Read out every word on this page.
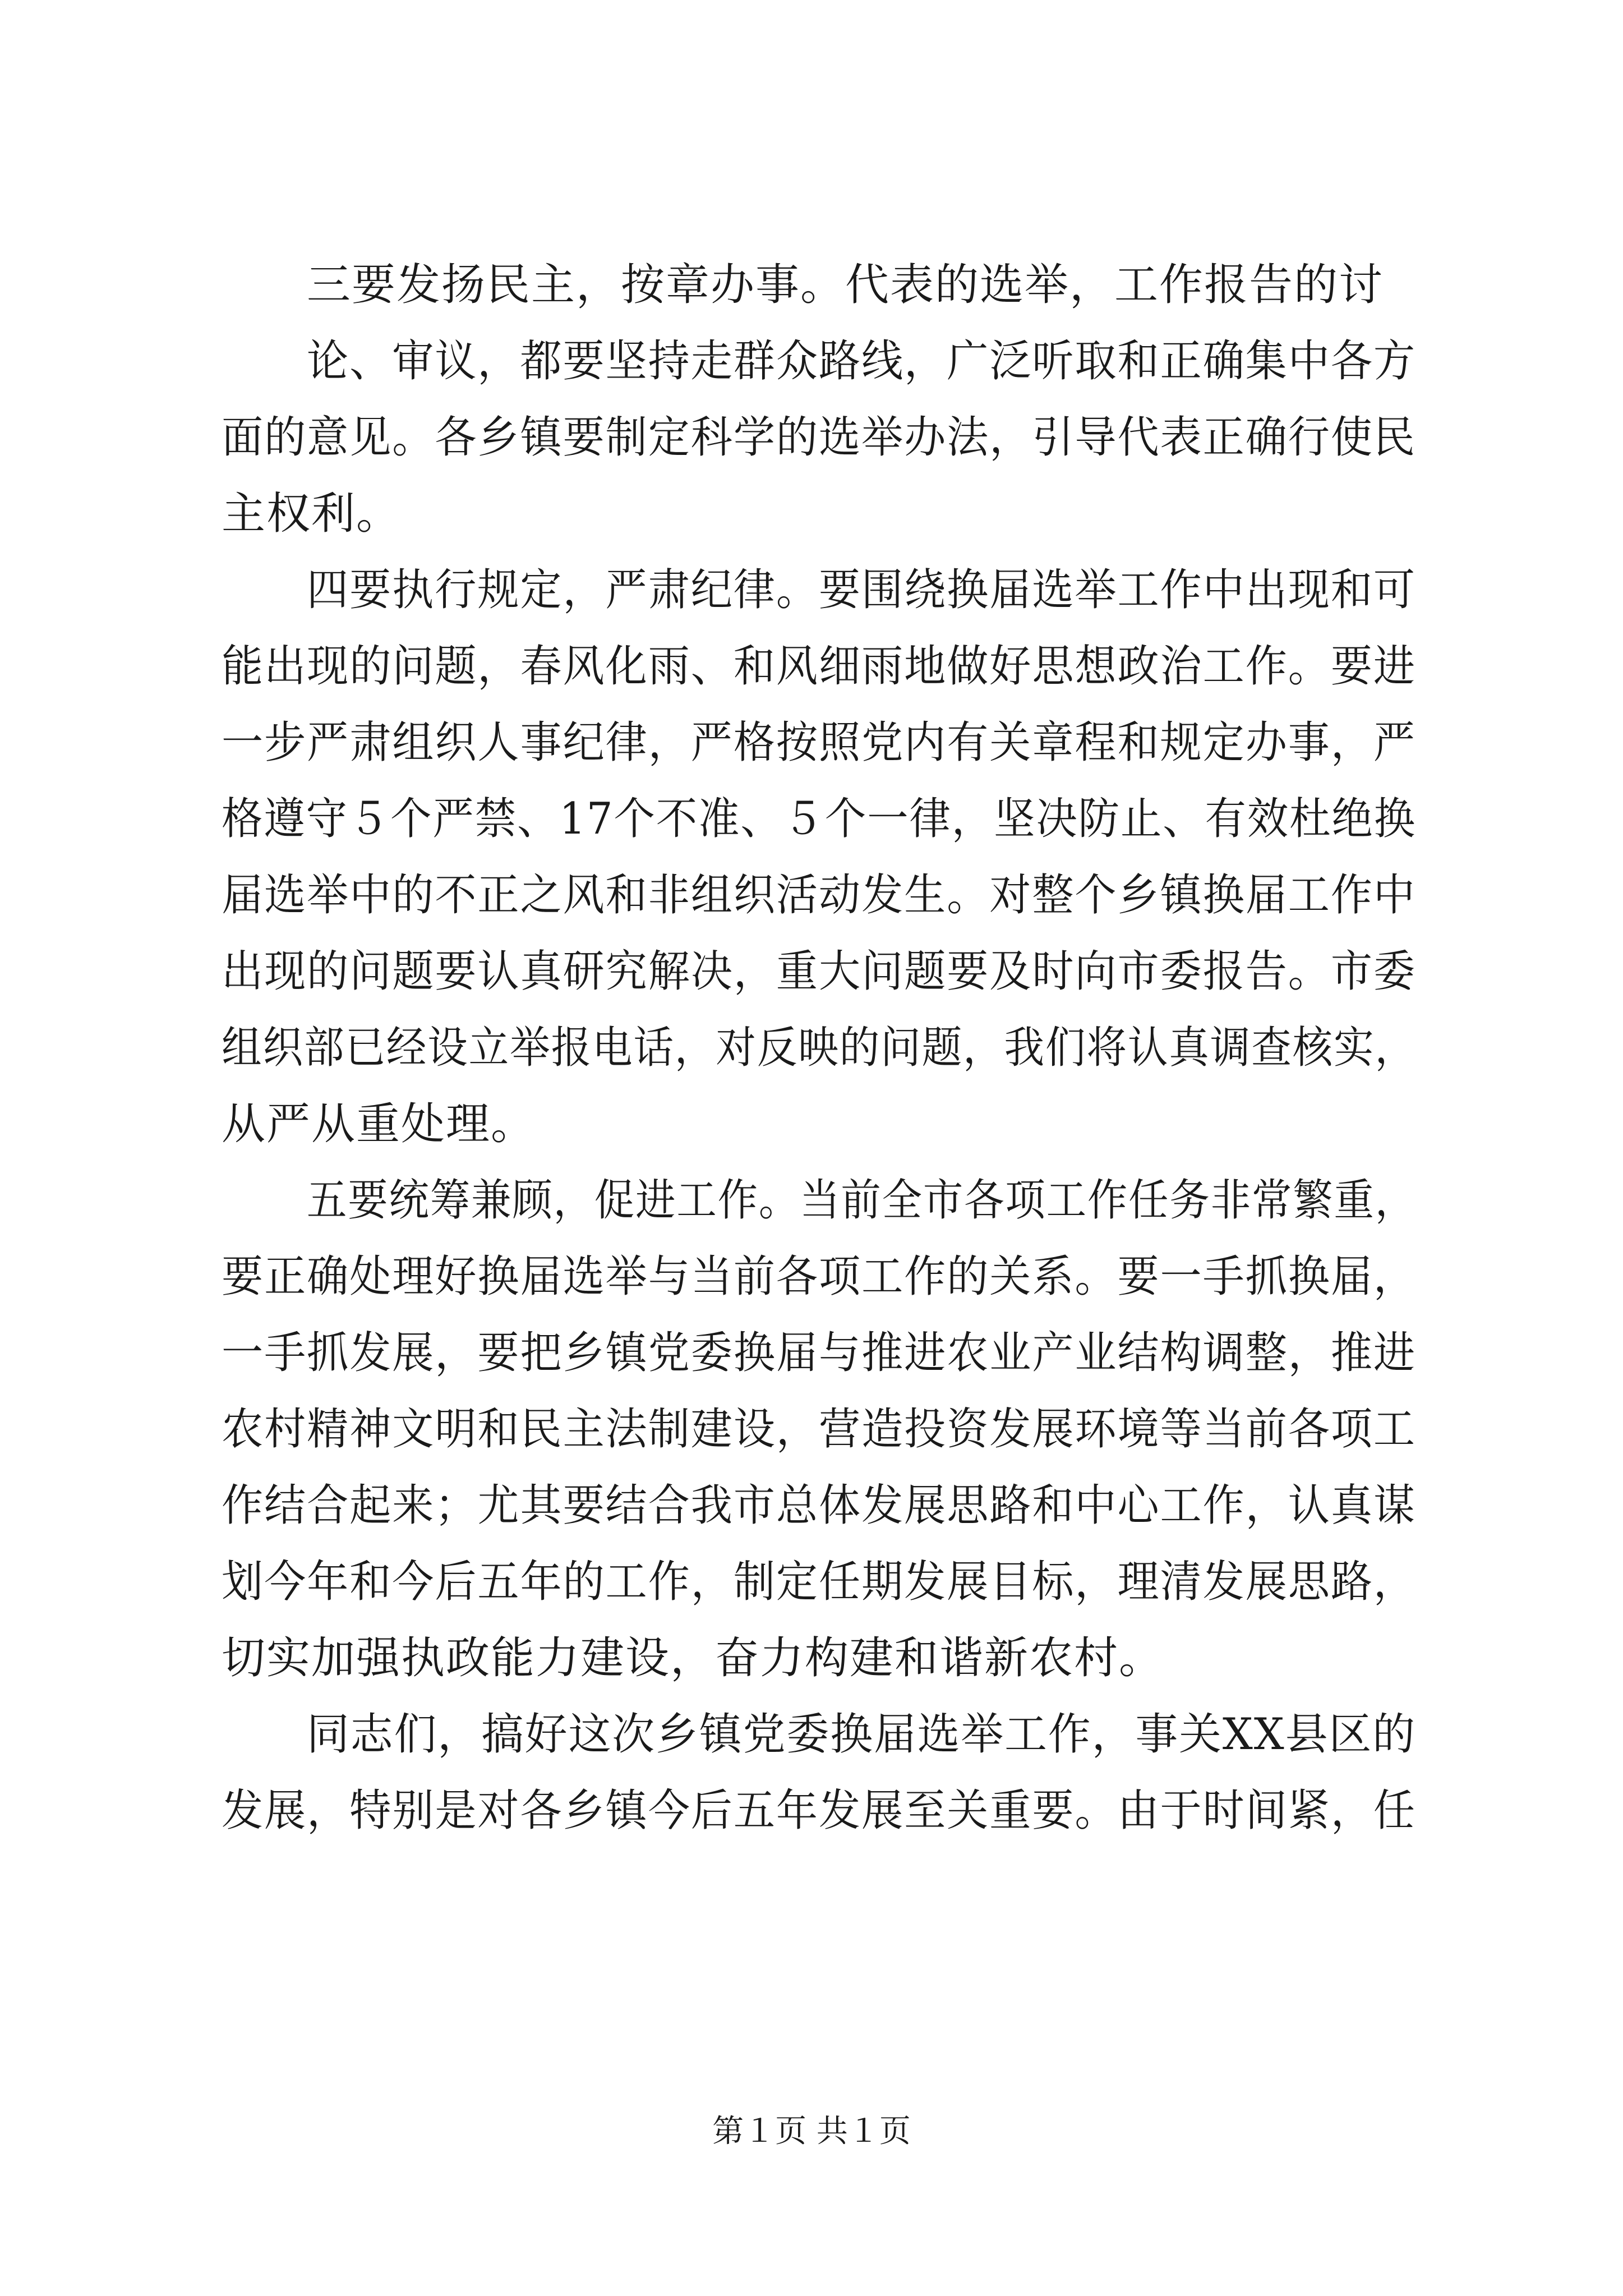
三要发扬民主，按章办事。代表的选举，工作报告的讨
论、审议，都要坚持走群众路线，广泛听取和正确集中各方
面的意见。各乡镇要制定科学的选举办法，引导代表正确行使民
主权利。
四要执行规定，严肃纪律。要围绕换届选举工作中出现和可
能出现的问题，春风化雨、和风细雨地做好思想政治工作。要进
一步严肃组织人事纪律，严格按照党内有关章程和规定办事，严
格遵守５个严禁、17个不准、５个一律，坚决防止、有效杜绝换
届选举中的不正之风和非组织活动发生。对整个乡镇换届工作中
出现的问题要认真研究解决，重大问题要及时向市委报告。市委
组织部已经设立举报电话，对反映的问题，我们将认真调查核实，
从严从重处理。
五要统筹兼顾，促进工作。当前全市各项工作任务非常繁重，
要正确处理好换届选举与当前各项工作的关系。要一手抓换届，
一手抓发展，要把乡镇党委换届与推进农业产业结构调整，推进
农村精神文明和民主法制建设，营造投资发展环境等当前各项工
作结合起来；尤其要结合我市总体发展思路和中心工作，认真谋
划今年和今后五年的工作，制定任期发展目标，理清发展思路，
切实加强执政能力建设，奋力构建和谐新农村。
同志们，搞好这次乡镇党委换届选举工作，事关XX县区的
发展，特别是对各乡镇今后五年发展至关重要。由于时间紧，任
第１页 共１页
